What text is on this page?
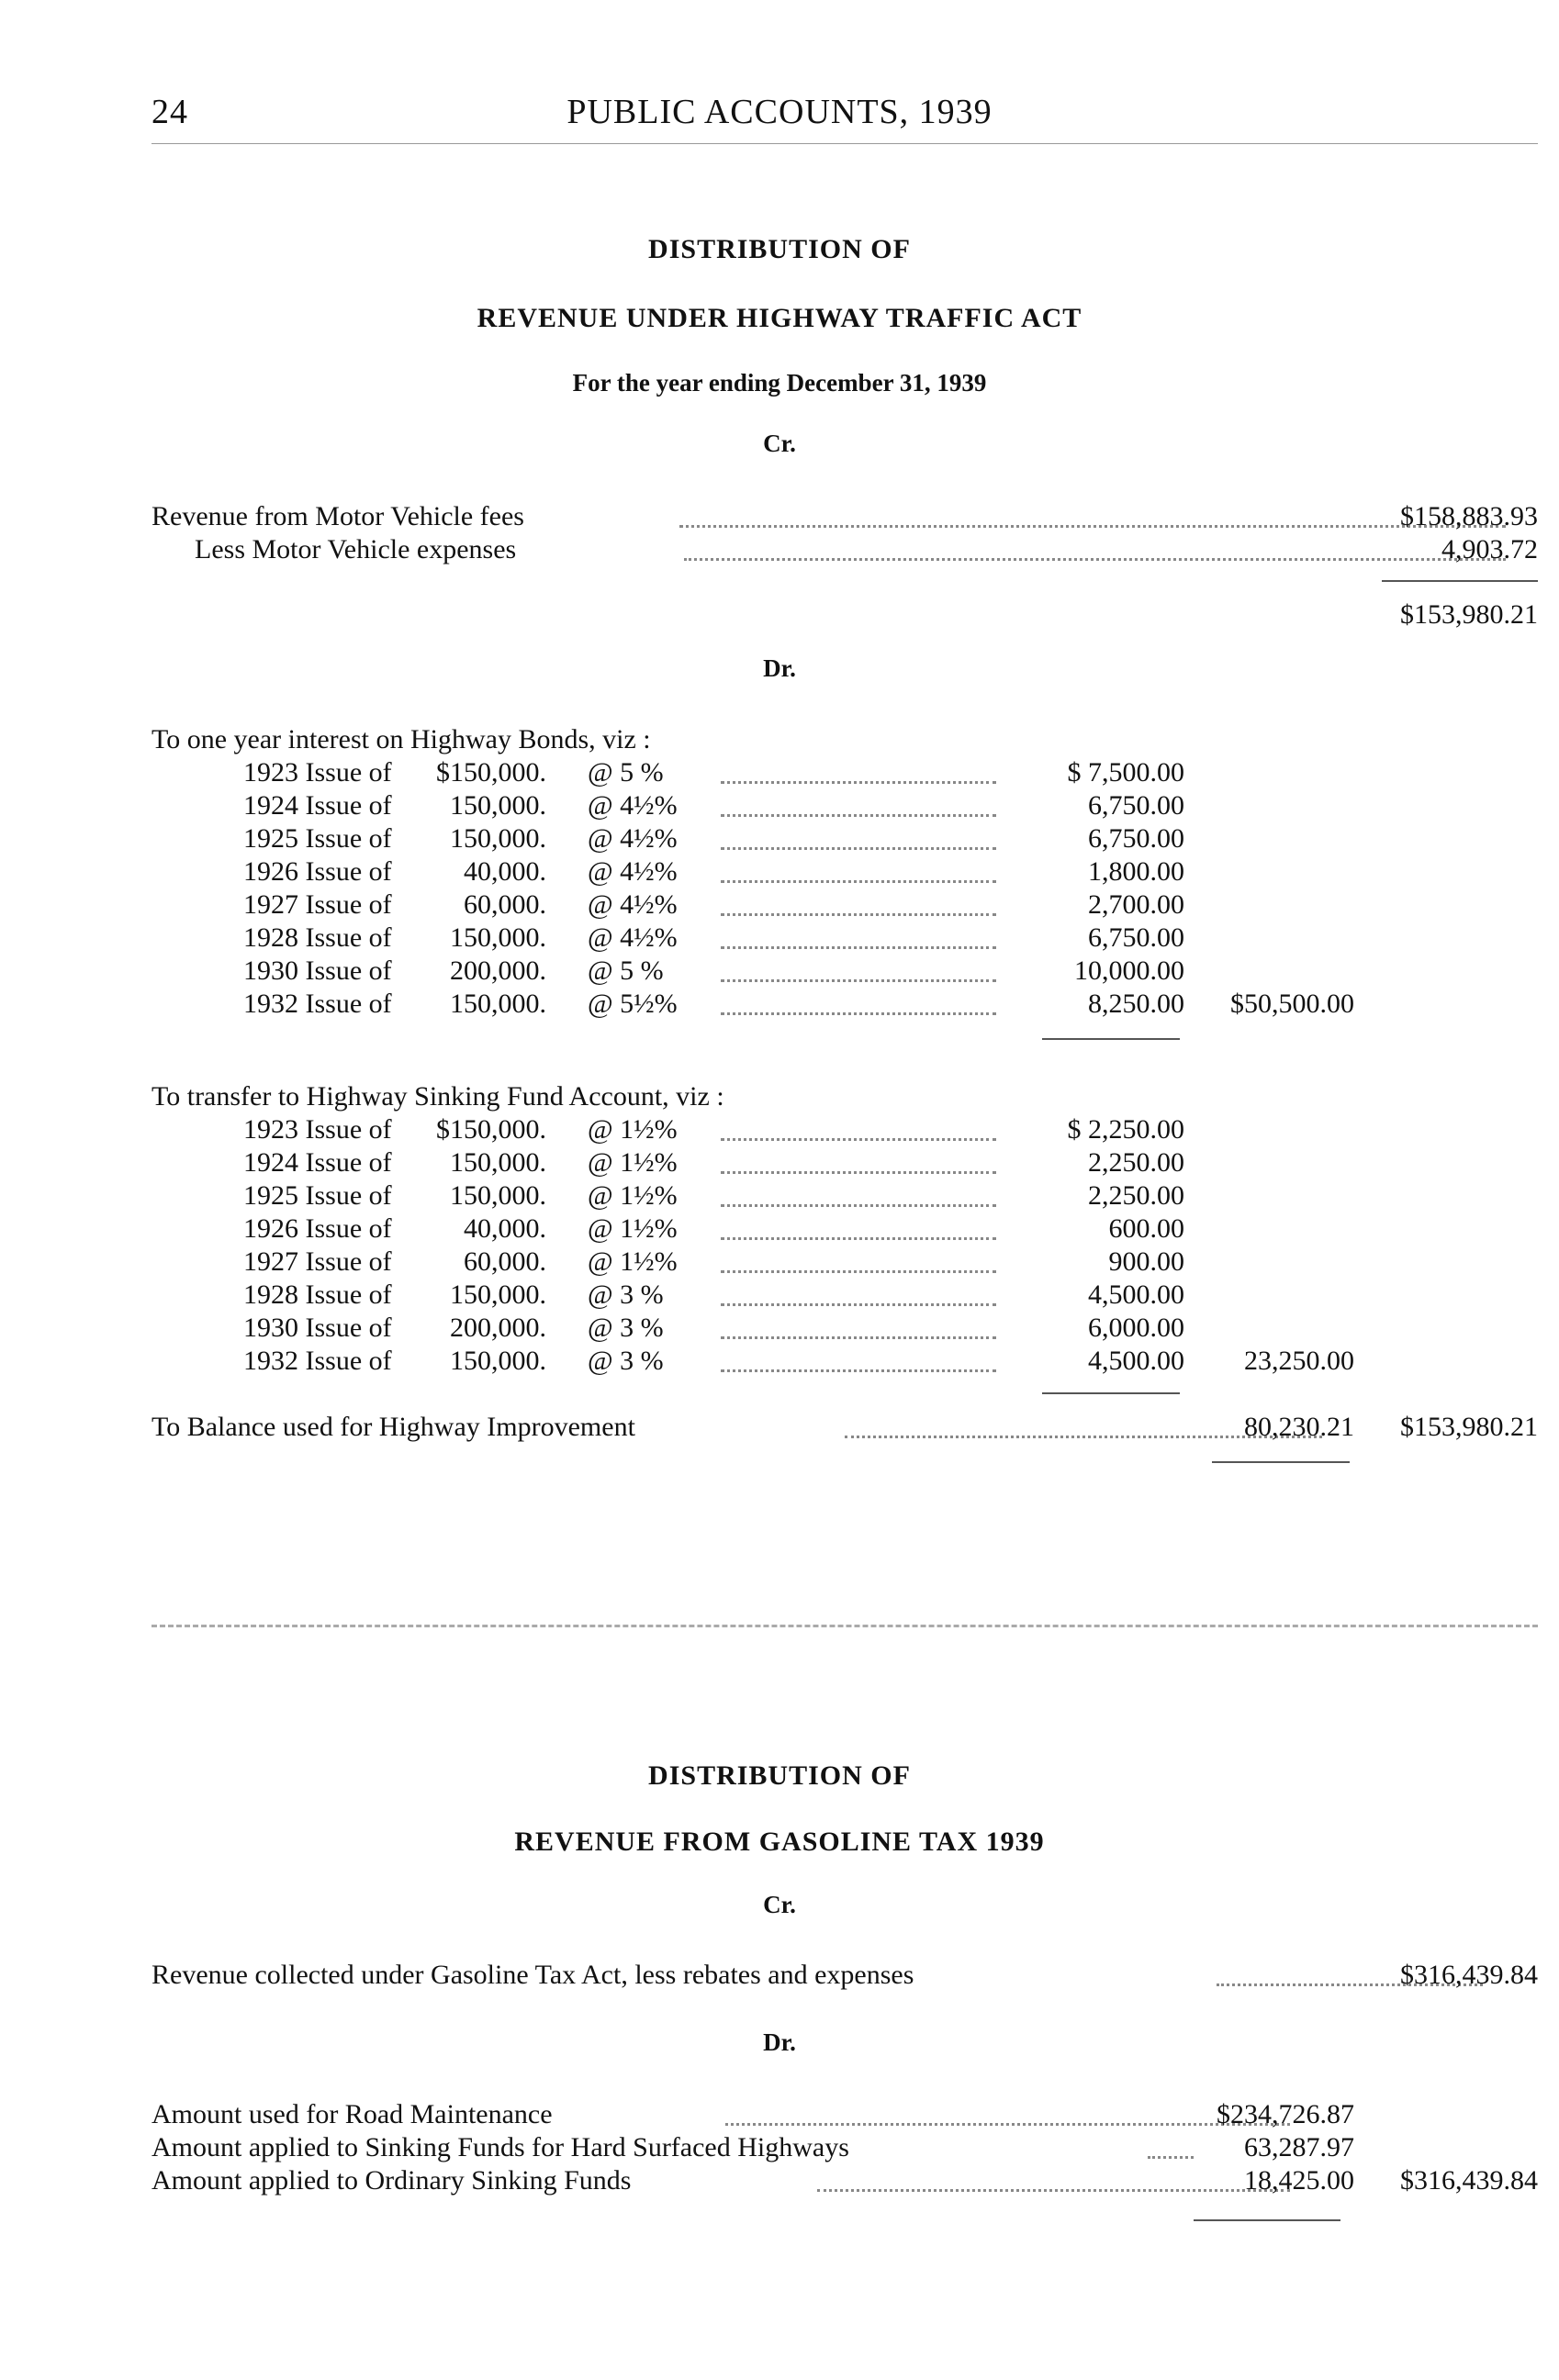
24	PUBLIC ACCOUNTS, 1939
DISTRIBUTION OF
REVENUE UNDER HIGHWAY TRAFFIC ACT
For the year ending December 31, 1939
Cr.
Revenue from Motor Vehicle fees	$158,883.93
Less Motor Vehicle expenses	4,903.72
$153,980.21
Dr.
To one year interest on Highway Bonds, viz :
1923 Issue of	$150,000. @ 5 %	$ 7,500.00
1924 Issue of	150,000. @ 4½%	6,750.00
1925 Issue of	150,000. @ 4½%	6,750.00
1926 Issue of	40,000. @ 4½%	1,800.00
1927 Issue of	60,000. @ 4½%	2,700.00
1928 Issue of	150,000. @ 4½%	6,750.00
1930 Issue of	200,000. @ 5 %	10,000.00
1932 Issue of	150,000. @ 5½%	8,250.00	$50,500.00
To transfer to Highway Sinking Fund Account, viz :
1923 Issue of	$150,000. @ 1½%	$ 2,250.00
1924 Issue of	150,000. @ 1½%	2,250.00
1925 Issue of	150,000. @ 1½%	2,250.00
1926 Issue of	40,000. @ 1½%	600.00
1927 Issue of	60,000. @ 1½%	900.00
1928 Issue of	150,000. @ 3 %	4,500.00
1930 Issue of	200,000. @ 3 %	6,000.00
1932 Issue of	150,000. @ 3 %	4,500.00	23,250.00
To Balance used for Highway Improvement	80,230.21	$153,980.21
DISTRIBUTION OF
REVENUE FROM GASOLINE TAX 1939
Cr.
Revenue collected under Gasoline Tax Act, less rebates and expenses	$316,439.84
Dr.
Amount used for Road Maintenance	$234,726.87
Amount applied to Sinking Funds for Hard Surfaced Highways	63,287.97
Amount applied to Ordinary Sinking Funds	18,425.00	$316,439.84
